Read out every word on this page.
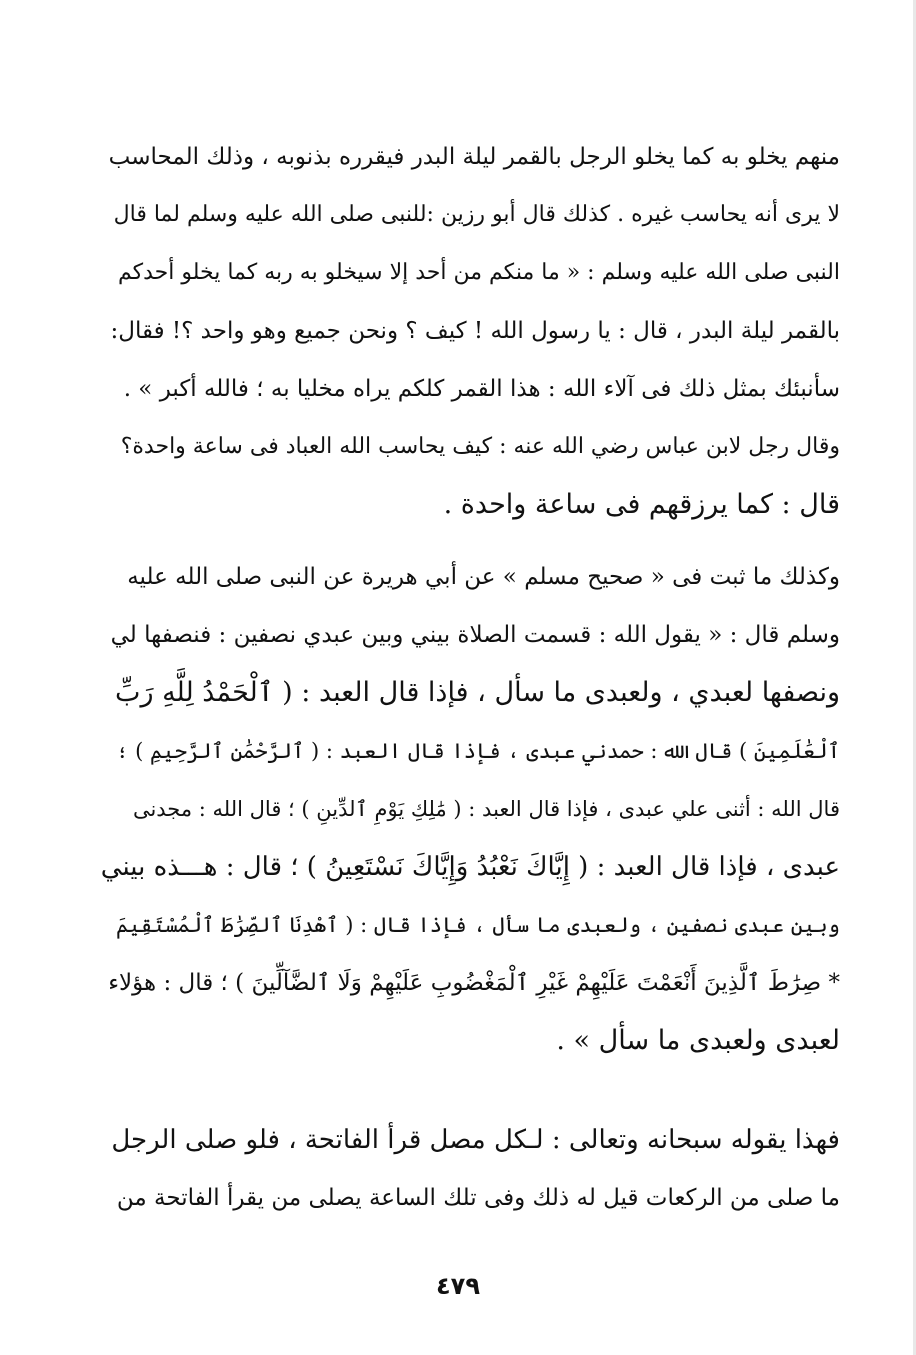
منهم يخلو به كما يخلو الرجل بالقمر ليلة البدر فيقرره بذنوبه ، وذلك المحاسب
لا يرى أنه يحاسب غيره . كذلك قال أبو رزين :للنبى صلى الله عليه وسلم لما قال
النبى صلى الله عليه وسلم : « ما منكم من أحد إلا سيخلو به ربه كما يخلو أحدكم
بالقمر ليلة البدر ، قال : يا رسول الله ! كيف ؟ ونحن جميع وهو واحد ؟! فقال:
سأنبئك بمثل ذلك فى آلاء الله : هذا القمر كلكم يراه مخليا به ؛ فالله أكبر » .
وقال رجل لابن عباس رضي الله عنه : كيف يحاسب الله العباد فى ساعة واحدة؟
قال : كما يرزقهم فى ساعة واحدة .
وكذلك ما ثبت فى « صحيح مسلم » عن أبي هريرة عن النبى صلى الله عليه
وسلم قال : « يقول الله : قسمت الصلاة بيني وبين عبدي نصفين : فنصفها لي
ونصفها لعبدي ، ولعبدى ما سأل ، فإذا قال العبد : ( ٱلْحَمْدُ لِلَّهِ رَبِّ
ٱلْعَٰلَمِينَ ) قال الله : حمدني عبدى ، فإذا قال العبد : ( ٱلرَّحْمَٰنِ ٱلرَّحِيمِ ) ؛
قال الله : أثنى علي عبدى ، فإذا قال العبد : ( مَٰلِكِ يَوْمِ ٱلدِّينِ ) ؛ قال الله : مجدنى
عبدى ، فإذا قال العبد : ( إِيَّاكَ نَعْبُدُ وَإِيَّاكَ نَسْتَعِينُ ) ؛ قال : هـــذه بيني
وبين عبدى نصفين ، ولعبدى ما سأل ، فإذا قال : ( ٱهْدِنَا ٱلصِّرَٰطَ ٱلْمُسْتَقِيمَ
* صِرَٰطَ ٱلَّذِينَ أَنْعَمْتَ عَلَيْهِمْ غَيْرِ ٱلْمَغْضُوبِ عَلَيْهِمْ وَلَا ٱلضَّآلِّينَ ) ؛ قال : هؤلاء
لعبدى ولعبدى ما سأل » .
فهذا يقوله سبحانه وتعالى : لـكل مصل قرأ الفاتحة ، فلو صلى الرجل
ما صلى من الركعات قيل له ذلك وفى تلك الساعة يصلى من يقرأ الفاتحة من
٤٧٩
